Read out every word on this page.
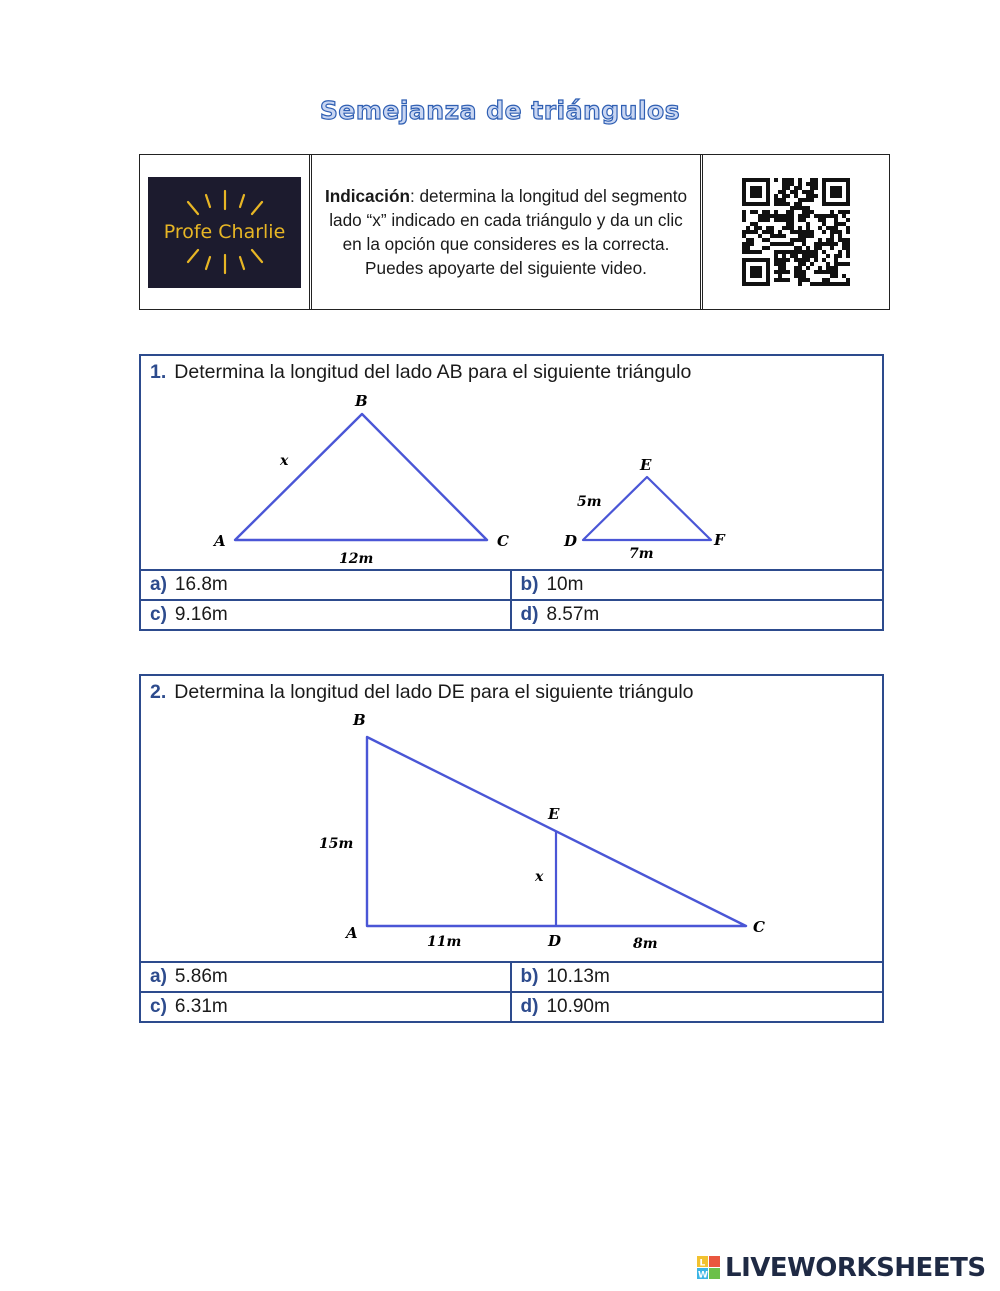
Semejanza de triángulos
Profe Charlie
Indicación: determina la longitud del segmento lado “x” indicado en cada triángulo y da un clic en la opción que consideres es la correcta. Puedes apoyarte del siguiente video.
1. Determina la longitud del lado AB para el siguiente triángulo
B
A	C
x
12m
E
D	F
5m
7m
a) 16.8m	b) 10m
c) 9.16m	d) 8.57m
2. Determina la longitud del lado DE para el siguiente triángulo
B
A	C
E
D
15m
x
11m	8m
a) 5.86m	b) 10.13m
c) 6.31m	d) 10.90m
L
W LIVEWORKSHEETS
